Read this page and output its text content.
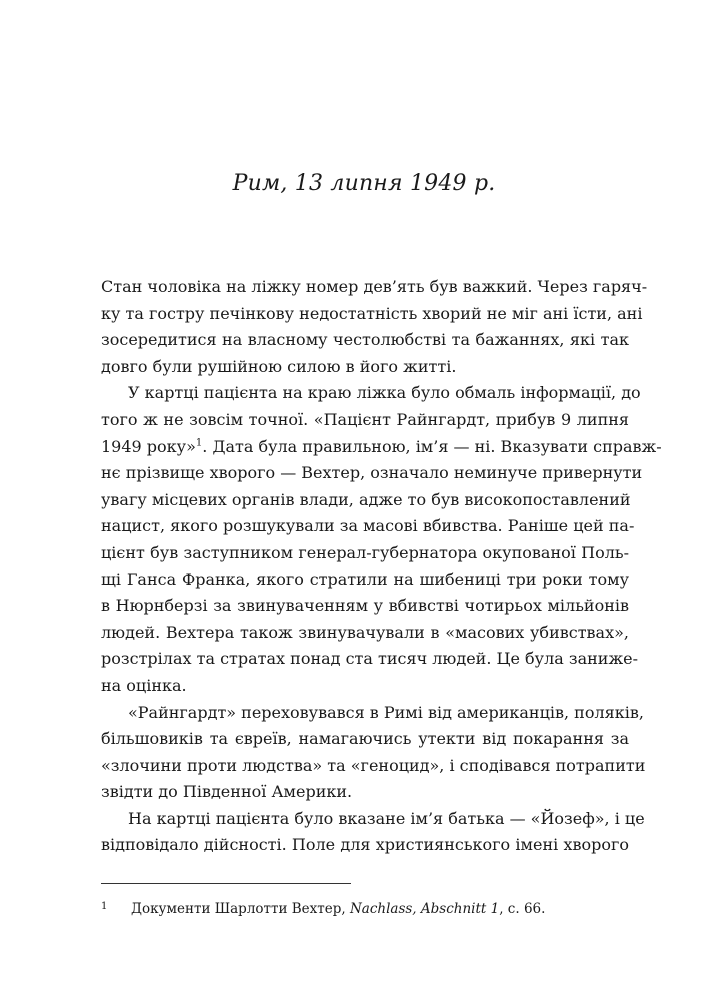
Рим, 13 липня 1949 р.
Стан чоловіка на ліжку номер дев’ять був важкий. Через гаряч-
ку та гостру печінкову недостатність хворий не міг ані їсти, ані
зосередитися на власному честолюбстві та бажаннях, які так
довго були рушійною силою в його житті.
У картці пацієнта на краю ліжка було обмаль інформації, до
того ж не зовсім точної. «Пацієнт Райнгардт, прибув 9 липня
1949 року»$^1$. Дата була правильною, ім’я — ні. Вказувати справж-
нє прізвище хворого — Вехтер, означало неминуче привернути
увагу місцевих органів влади, адже то був високопоставлений
нацист, якого розшукували за масові вбивства. Раніше цей па-
цієнт був заступником генерал-губернатора окупованої Поль-
щі Ганса Франка, якого стратили на шибениці три роки тому
в Нюрнберзі за звинуваченням у вбивстві чотирьох мільйонів
людей. Вехтера також звинувачували в «масових убивствах»,
розстрілах та стратах понад ста тисяч людей. Це була занижe-
на оцінка.
«Райнгардт» переховувався в Римі від американців, поляків,
більшовиків та євреїв, намагаючись утекти від покарання за
«злочини проти людства» та «геноцид», і сподівався потрапити
звідти до Південної Америки.
На картці пацієнта було вказане ім’я батька — «Йозеф», і це
відповідало дійсності. Поле для християнського імені хворого
1 Документи Шарлотти Вехтер, Nachlass, Abschnitt 1, с. 66.
